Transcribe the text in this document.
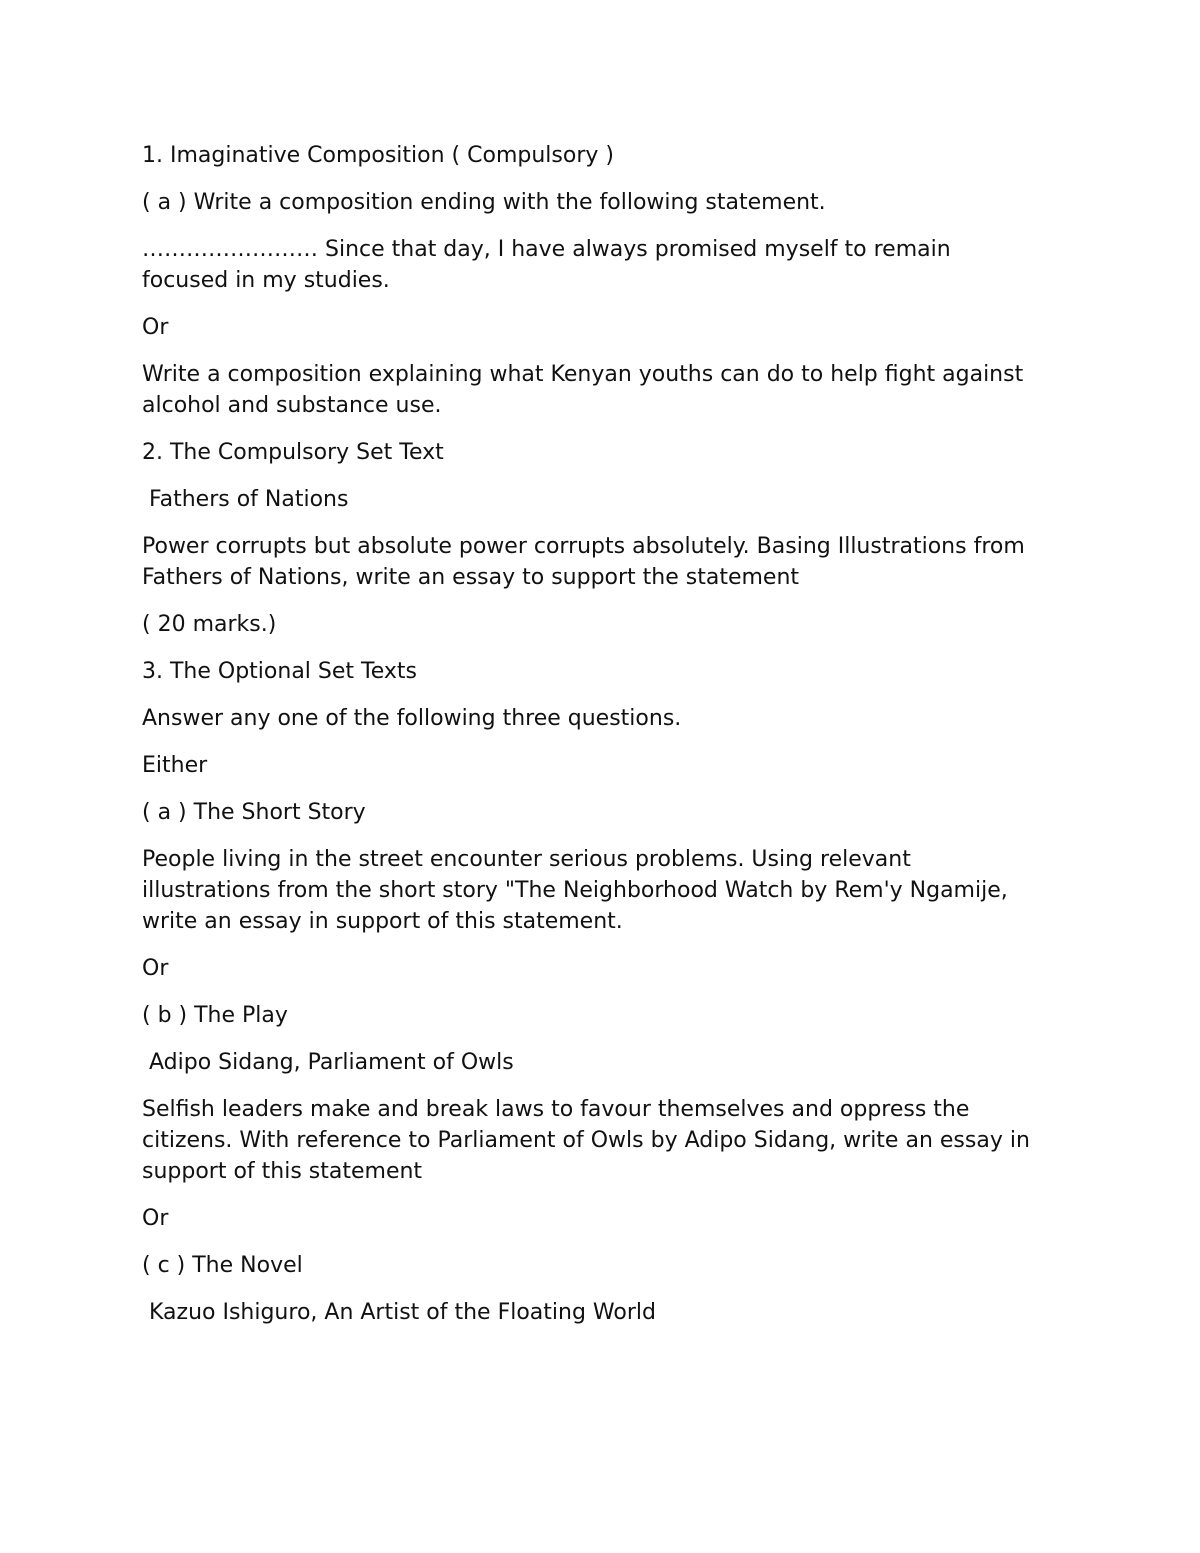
1. Imaginative Composition ( Compulsory )

( a ) Write a composition ending with the following statement.

…………………… Since that day, I have always promised myself to remain focused in my studies.

Or

Write a composition explaining what Kenyan youths can do to help fight against alcohol and substance use.

2. The Compulsory Set Text

Fathers of Nations

Power corrupts but absolute power corrupts absolutely. Basing Illustrations from Fathers of Nations, write an essay to support the statement

( 20 marks.)

3. The Optional Set Texts

Answer any one of the following three questions.

Either

( a ) The Short Story

People living in the street encounter serious problems. Using relevant illustrations from the short story "The Neighborhood Watch by Rem'y Ngamije, write an essay in support of this statement.

Or

( b ) The Play

Adipo Sidang, Parliament of Owls

Selfish leaders make and break laws to favour themselves and oppress the citizens. With reference to Parliament of Owls by Adipo Sidang, write an essay in support of this statement

Or

( c ) The Novel

Kazuo Ishiguro, An Artist of the Floating World
